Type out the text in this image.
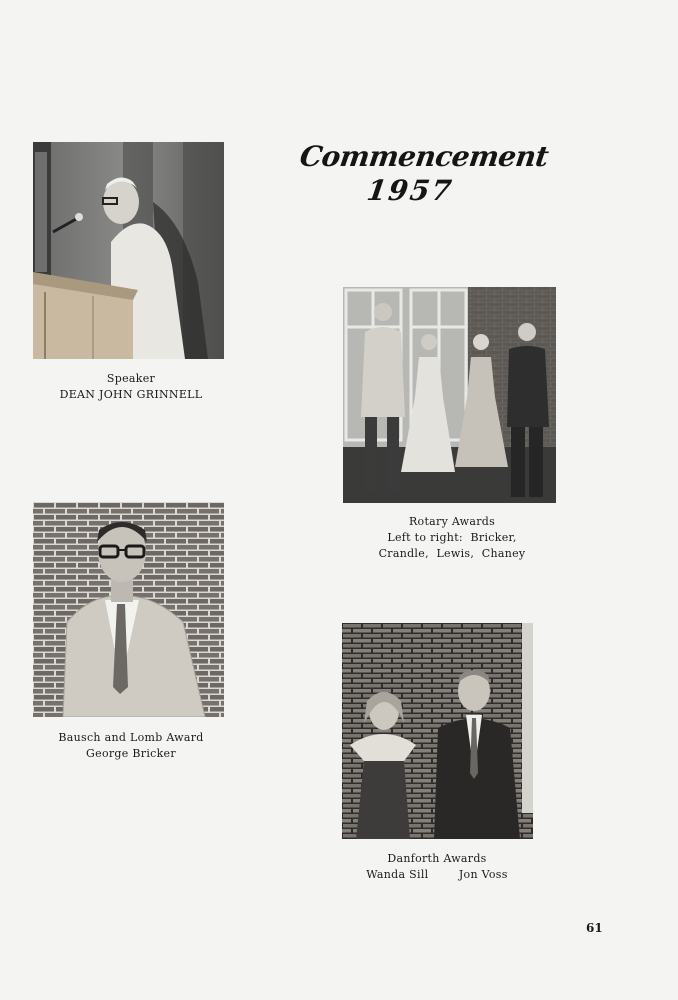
Commencement
1957
Speaker
DEAN JOHN GRINNELL
Rotary Awards
Left to right:  Bricker,
Crandle,  Lewis,  Chaney
Bausch and Lomb Award
George Bricker
Danforth Awards
Wanda Sill        Jon Voss
61
